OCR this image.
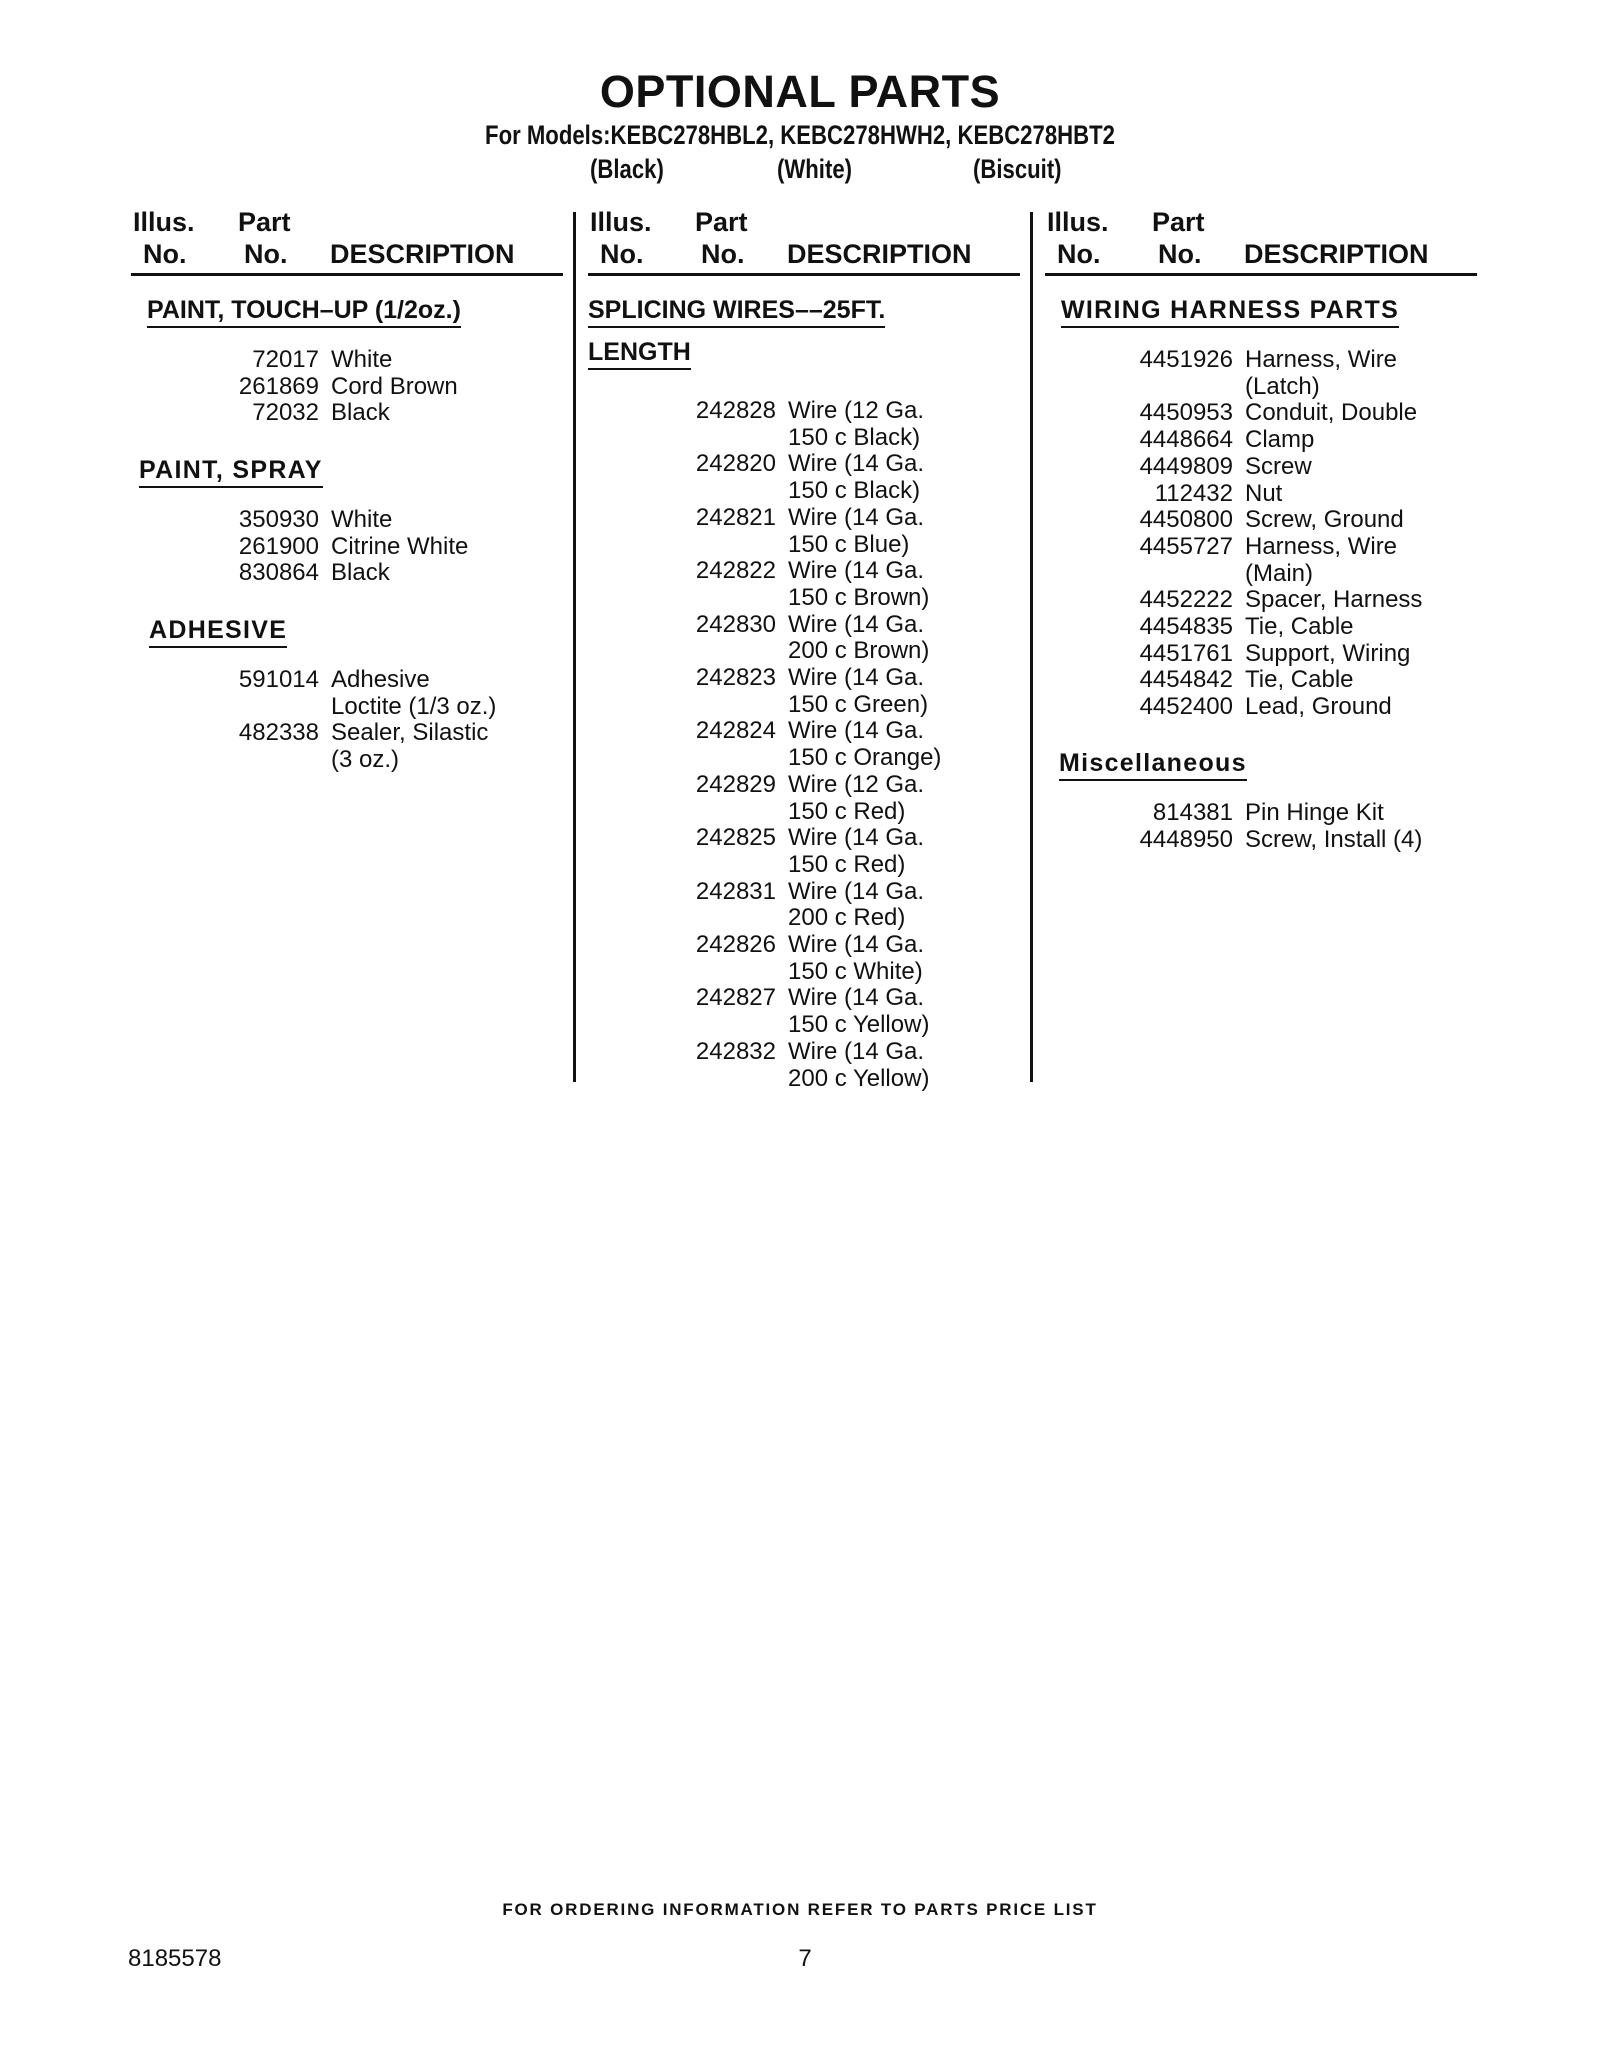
OPTIONAL PARTS
For Models:KEBC278HBL2, KEBC278HWH2, KEBC278HBT2
(Black)	(White)	(Biscuit)
Illus.
No.
Part
No. DESCRIPTION
PAINT, TOUCH–UP (1/2oz.)
72017 White
261869 Cord Brown
72032 Black
PAINT, SPRAY
350930 White
261900 Citrine White
830864 Black
ADHESIVE
591014 Adhesive
Loctite (1/3 oz.)
482338 Sealer, Silastic
(3 oz.)
Illus.
No.
Part
No. DESCRIPTION
SPLICING WIRES––25FT.
LENGTH
242828 Wire (12 Ga.
150 c Black)
242820 Wire (14 Ga.
150 c Black)
242821 Wire (14 Ga.
150 c Blue)
242822 Wire (14 Ga.
150 c Brown)
242830 Wire (14 Ga.
200 c Brown)
242823 Wire (14 Ga.
150 c Green)
242824 Wire (14 Ga.
150 c Orange)
242829 Wire (12 Ga.
150 c Red)
242825 Wire (14 Ga.
150 c Red)
242831 Wire (14 Ga.
200 c Red)
242826 Wire (14 Ga.
150 c White)
242827 Wire (14 Ga.
150 c Yellow)
242832 Wire (14 Ga.
200 c Yellow)
Illus.
No.
Part
No. DESCRIPTION
WIRING HARNESS PARTS
4451926 Harness, Wire
(Latch)
4450953 Conduit, Double
4448664 Clamp
4449809 Screw
112432 Nut
4450800 Screw, Ground
4455727 Harness, Wire
(Main)
4452222 Spacer, Harness
4454835 Tie, Cable
4451761 Support, Wiring
4454842 Tie, Cable
4452400 Lead, Ground
Miscellaneous
814381 Pin Hinge Kit
4448950 Screw, Install (4)
FOR ORDERING INFORMATION REFER TO PARTS PRICE LIST
8185578	7
